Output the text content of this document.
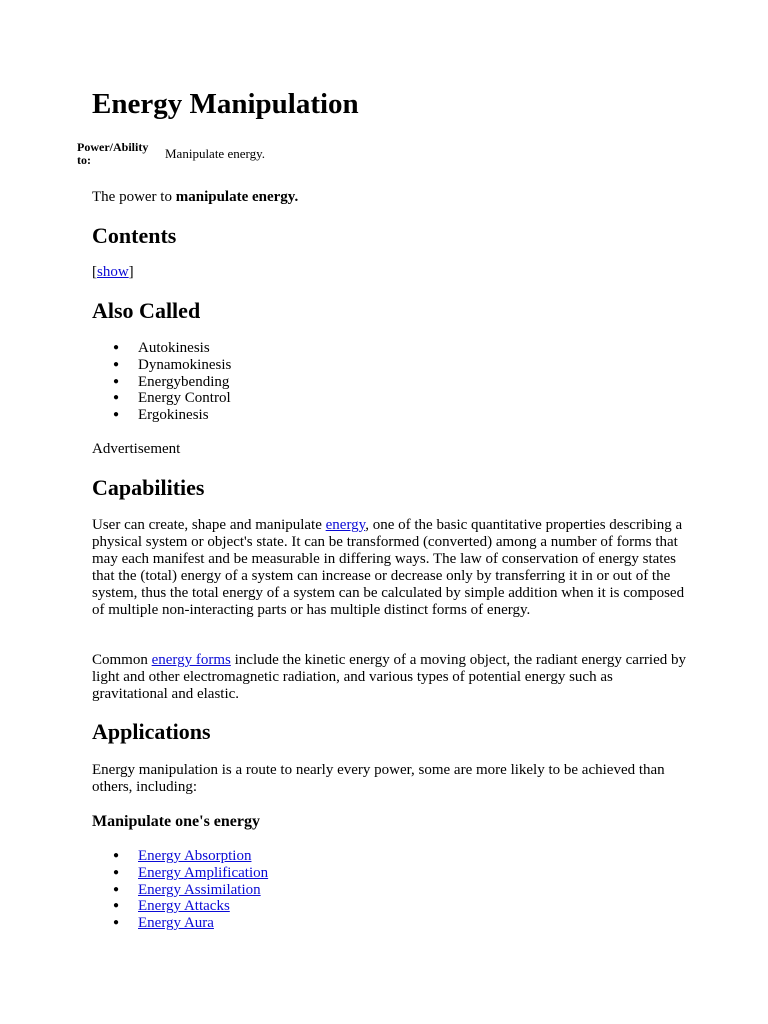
Energy Manipulation
Power/Ability to:	Manipulate energy.

The power to manipulate energy.

Contents
[show]
Also Called
● Autokinesis
● Dynamokinesis
● Energybending
● Energy Control
● Ergokinesis
Advertisement
Capabilities

User can create, shape and manipulate energy, one of the basic quantitative properties describing a physical system or object's state. It can be transformed (converted) among a number of forms that may each manifest and be measurable in differing ways. The law of conservation of energy states that the (total) energy of a system can increase or decrease only by transferring it in or out of the system, thus the total energy of a system can be calculated by simple addition when it is composed of multiple non-interacting parts or has multiple distinct forms of energy.

Common energy forms include the kinetic energy of a moving object, the radiant energy carried by light and other electromagnetic radiation, and various types of potential energy such as gravitational and elastic.

Applications

Energy manipulation is a route to nearly every power, some are more likely to be achieved than others, including:

Manipulate one's energy
● Energy Absorption
● Energy Amplification
● Energy Assimilation
● Energy Attacks
● Energy Aura
